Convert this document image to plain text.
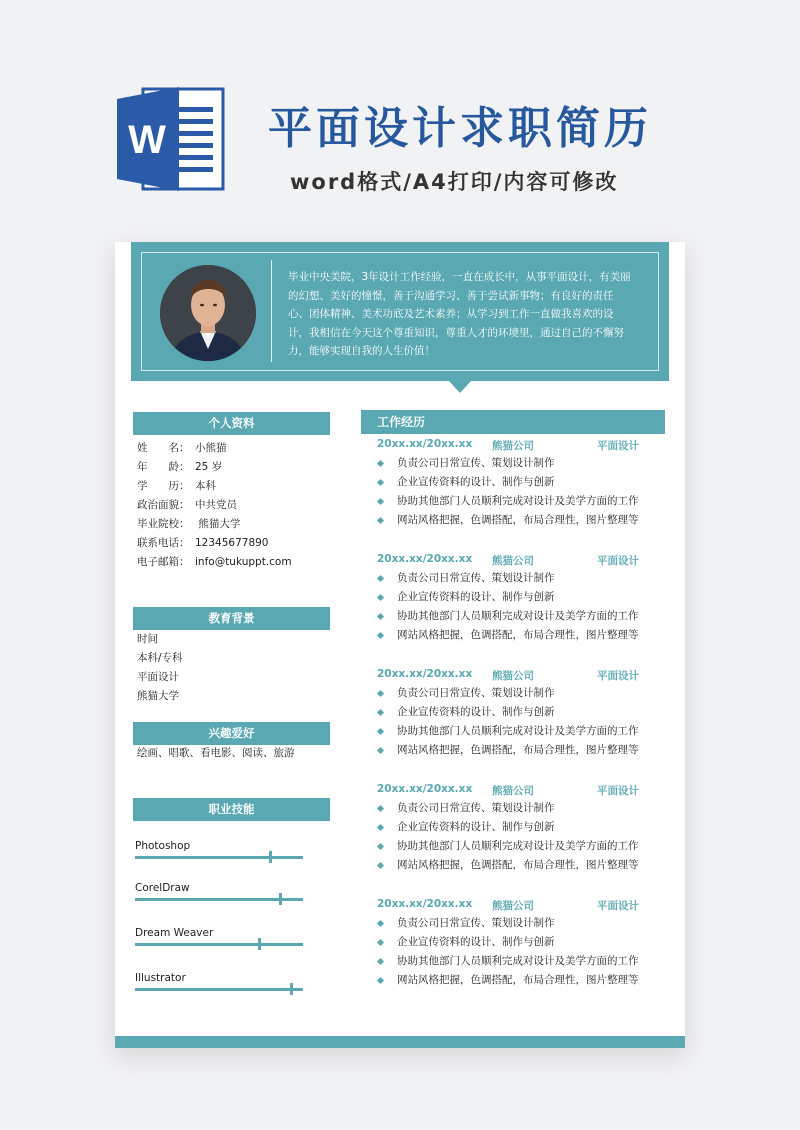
W 平面设计求职简历
word格式/A4打印/内容可修改
毕业中央美院，3年设计工作经验，一直在成长中，从事平面设计，有美丽的幻想、美好的憧憬，善于沟通学习、善于尝试新事物；有良好的责任心、团体精神、美术功底及艺术素养；从学习到工作一直做我喜欢的设计，我相信在今天这个尊重知识，尊重人才的环境里，通过自己的不懈努力，能够实现自我的人生价值！
个人资料
姓　　名： 小熊猫
年　　龄： 25 岁
学　　历： 本科
政治面貌： 中共党员
毕业院校： 熊猫大学
联系电话： 12345677890
电子邮箱： info@tukuppt.com
教育背景
时间
本科/专科
平面设计
熊猫大学
兴趣爱好
绘画、唱歌、看电影、阅读、旅游
职业技能
Photoshop
CorelDraw
Dream Weaver
Illustrator
工作经历
20xx.xx/20xx.xx 熊猫公司	平面设计
负责公司日常宣传、策划设计制作
企业宣传资料的设计、制作与创新
协助其他部门人员顺利完成对设计及美学方面的工作
网站风格把握，色调搭配，布局合理性，图片整理等
20xx.xx/20xx.xx 熊猫公司	平面设计
负责公司日常宣传、策划设计制作
企业宣传资料的设计、制作与创新
协助其他部门人员顺利完成对设计及美学方面的工作
网站风格把握，色调搭配，布局合理性，图片整理等
20xx.xx/20xx.xx 熊猫公司	平面设计
负责公司日常宣传、策划设计制作
企业宣传资料的设计、制作与创新
协助其他部门人员顺利完成对设计及美学方面的工作
网站风格把握，色调搭配，布局合理性，图片整理等
20xx.xx/20xx.xx 熊猫公司	平面设计
负责公司日常宣传、策划设计制作
企业宣传资料的设计、制作与创新
协助其他部门人员顺利完成对设计及美学方面的工作
网站风格把握，色调搭配，布局合理性，图片整理等
20xx.xx/20xx.xx 熊猫公司	平面设计
负责公司日常宣传、策划设计制作
企业宣传资料的设计、制作与创新
协助其他部门人员顺利完成对设计及美学方面的工作
网站风格把握，色调搭配，布局合理性，图片整理等
